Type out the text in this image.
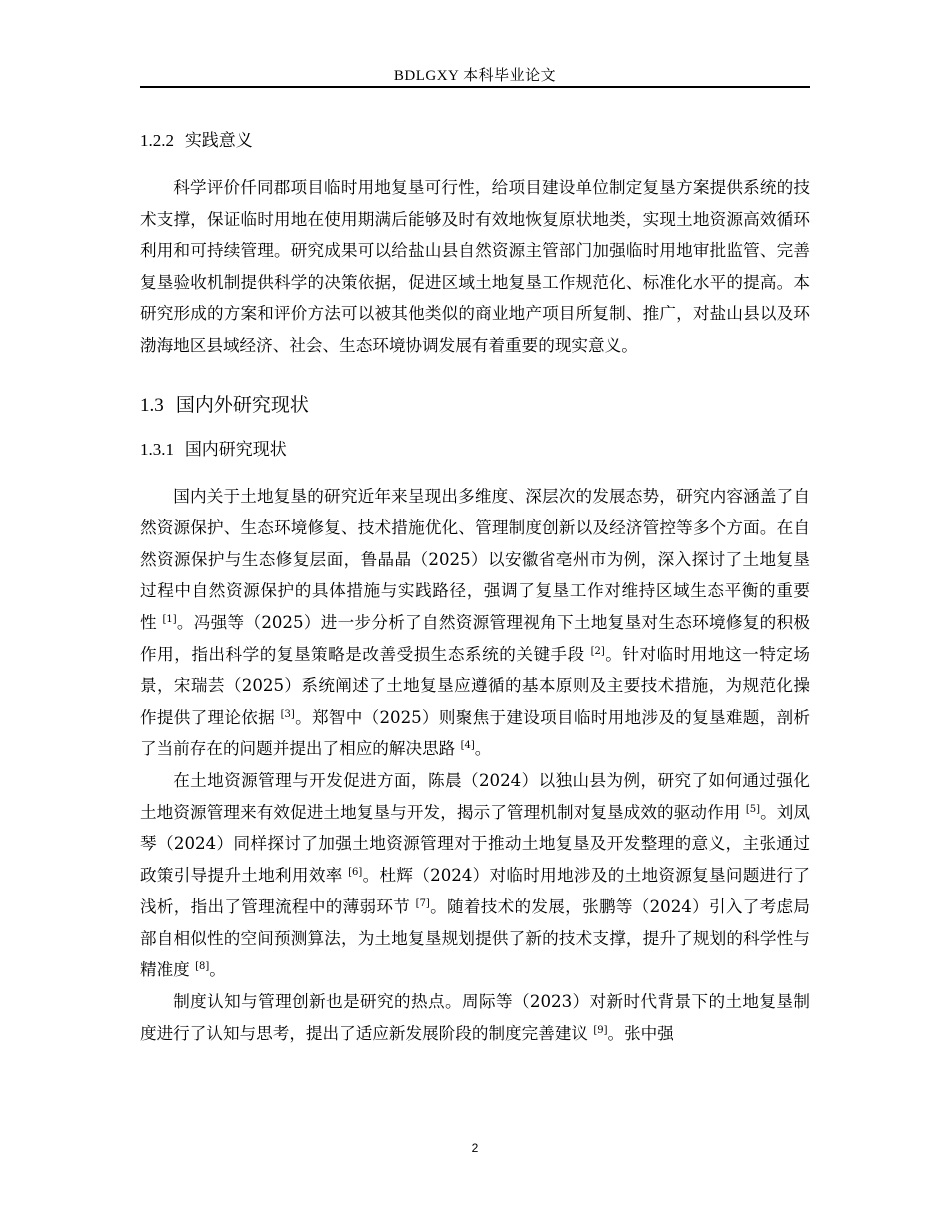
BDLGXY 本科毕业论文
1.2.2 实践意义

科学评价仟同郡项目临时用地复垦可行性，给项目建设单位制定复垦方案提供系统的技术支撑，保证临时用地在使用期满后能够及时有效地恢复原状地类，实现土地资源高效循环利用和可持续管理。研究成果可以给盐山县自然资源主管部门加强临时用地审批监管、完善复垦验收机制提供科学的决策依据，促进区域土地复垦工作规范化、标准化水平的提高。本研究形成的方案和评价方法可以被其他类似的商业地产项目所复制、推广，对盐山县以及环渤海地区县域经济、社会、生态环境协调发展有着重要的现实意义。

1.3 国内外研究现状
1.3.1 国内研究现状

国内关于土地复垦的研究近年来呈现出多维度、深层次的发展态势，研究内容涵盖了自然资源保护、生态环境修复、技术措施优化、管理制度创新以及经济管控等多个方面。在自然资源保护与生态修复层面，鲁晶晶（2025）以安徽省亳州市为例，深入探讨了土地复垦过程中自然资源保护的具体措施与实践路径，强调了复垦工作对维持区域生态平衡的重要性 [1]。冯强等（2025）进一步分析了自然资源管理视角下土地复垦对生态环境修复的积极作用，指出科学的复垦策略是改善受损生态系统的关键手段 [2]。针对临时用地这一特定场景，宋瑞芸（2025）系统阐述了土地复垦应遵循的基本原则及主要技术措施，为规范化操作提供了理论依据 [3]。郑智中（2025）则聚焦于建设项目临时用地涉及的复垦难题，剖析了当前存在的问题并提出了相应的解决思路 [4]。

在土地资源管理与开发促进方面，陈晨（2024）以独山县为例，研究了如何通过强化土地资源管理来有效促进土地复垦与开发，揭示了管理机制对复垦成效的驱动作用 [5]。刘凤琴（2024）同样探讨了加强土地资源管理对于推动土地复垦及开发整理的意义，主张通过政策引导提升土地利用效率 [6]。杜辉（2024）对临时用地涉及的土地资源复垦问题进行了浅析，指出了管理流程中的薄弱环节 [7]。随着技术的发展，张鹏等（2024）引入了考虑局部自相似性的空间预测算法，为土地复垦规划提供了新的技术支撑，提升了规划的科学性与精准度 [8]。

制度认知与管理创新也是研究的热点。周际等（2023）对新时代背景下的土地复垦制度进行了认知与思考，提出了适应新发展阶段的制度完善建议 [9]。张中强

2
